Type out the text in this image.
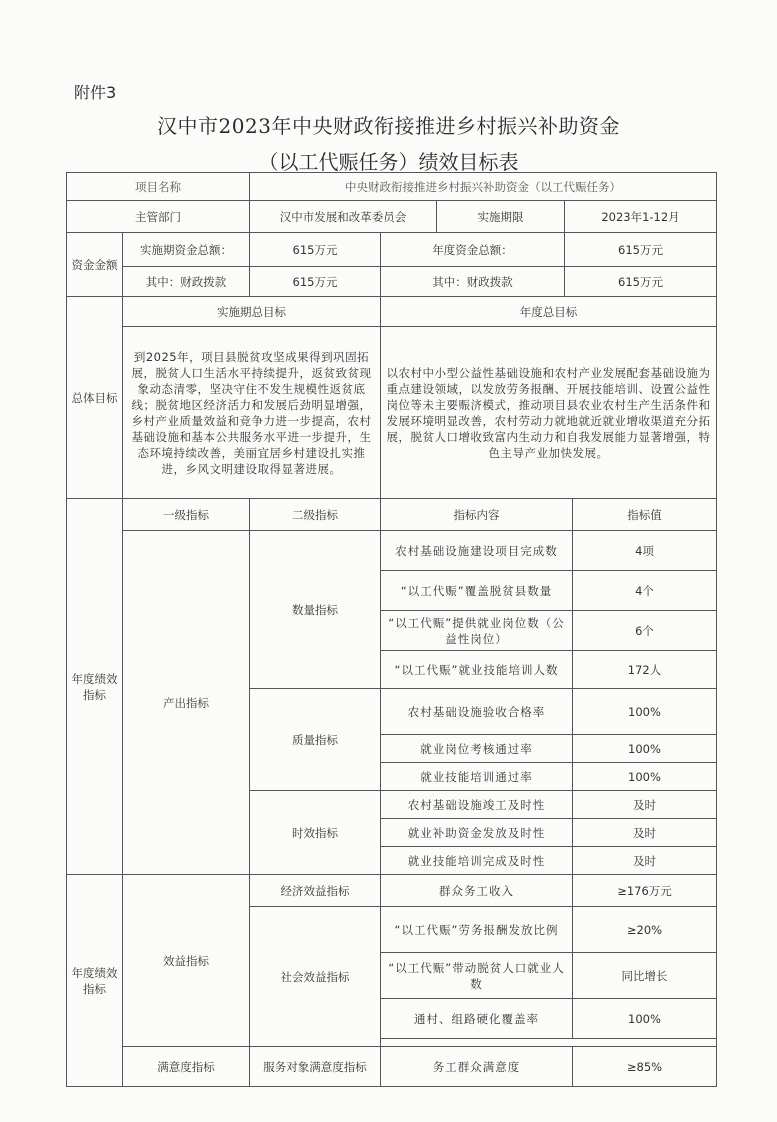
附件3
汉中市2023年中央财政衔接推进乡村振兴补助资金
（以工代赈任务）绩效目标表
项目名称		中央财政衔接推进乡村振兴补助资金（以工代赈任务）				
主管部门		汉中市发展和改革委员会		实施期限	2023年1-12月	
资金金额	实施期资金总额：	615万元	年度资金总额：		615万元	
	其中：财政拨款	615万元	其中：财政拨款		615万元	
总体目标	实施期总目标		年度总目标			
	到2025年，项目县脱贫攻坚成果得到巩固拓展，脱贫人口生活水平持续提升，返贫致贫现象动态清零，坚决守住不发生规模性返贫底线；脱贫地区经济活力和发展后劲明显增强，乡村产业质量效益和竞争力进一步提高，农村基础设施和基本公共服务水平进一步提升，生态环境持续改善，美丽宜居乡村建设扎实推进，乡风文明建设取得显著进展。		以农村中小型公益性基础设施和农村产业发展配套基础设施为重点建设领域，以发放劳务报酬、开展技能培训、设置公益性岗位等未主要赈济模式，推动项目县农业农村生产生活条件和发展环境明显改善，农村劳动力就地就近就业增收渠道充分拓展，脱贫人口增收致富内生动力和自我发展能力显著增强，特色主导产业加快发展。			
年度绩效指标	一级指标	二级指标	指标内容			指标值
	产出指标	数量指标	农村基础设施建设项目完成数			4项
			“以工代赈”覆盖脱贫县数量			4个
			“以工代赈”提供就业岗位数（公益性岗位）			6个
			“以工代赈”就业技能培训人数			172人
		质量指标	农村基础设施验收合格率			100%
			就业岗位考核通过率			100%
			就业技能培训通过率			100%
		时效指标	农村基础设施竣工及时性			及时
			就业补助资金发放及时性			及时
			就业技能培训完成及时性			及时
年度绩效指标	效益指标	经济效益指标	群众务工收入			≥176万元
		社会效益指标	“以工代赈”劳务报酬发放比例			≥20%
			“以工代赈”带动脱贫人口就业人数			同比增长
			通村、组路硬化覆盖率			100%

	满意度指标	服务对象满意度指标	务工群众满意度			≥85%
